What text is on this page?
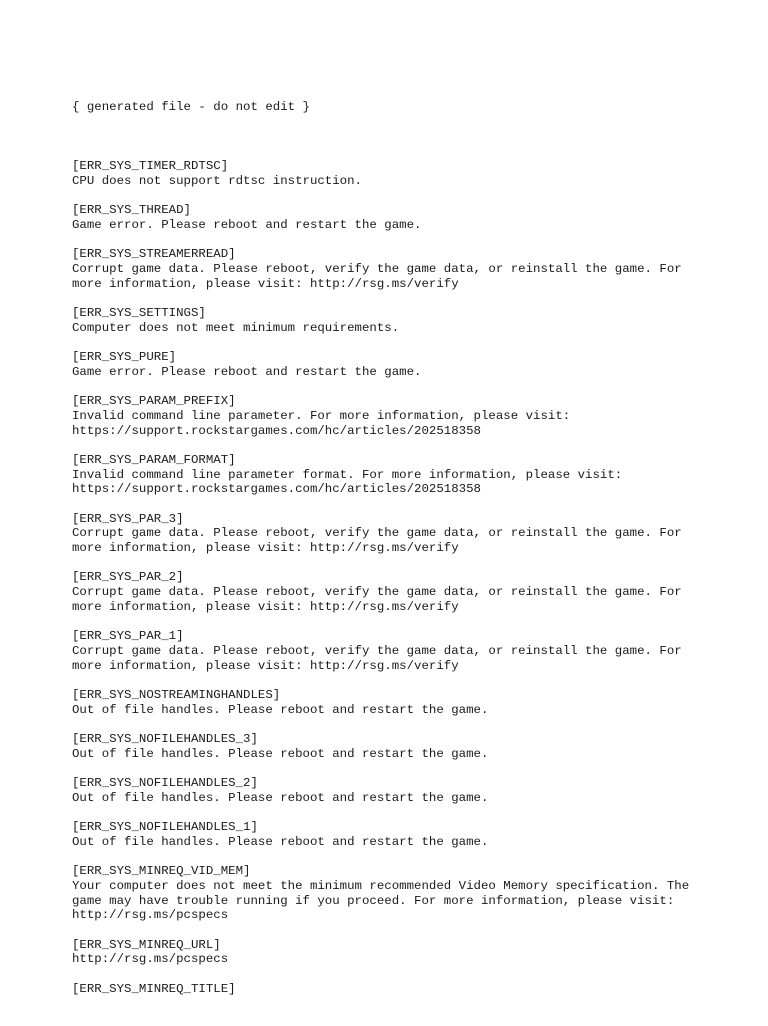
{ generated file - do not edit }

[ERR_SYS_TIMER_RDTSC]
CPU does not support rdtsc instruction.
[ERR_SYS_THREAD]
Game error. Please reboot and restart the game.
[ERR_SYS_STREAMERREAD]
Corrupt game data. Please reboot, verify the game data, or reinstall the game. For
more information, please visit: http://rsg.ms/verify
[ERR_SYS_SETTINGS]
Computer does not meet minimum requirements.
[ERR_SYS_PURE]
Game error. Please reboot and restart the game.
[ERR_SYS_PARAM_PREFIX]
Invalid command line parameter. For more information, please visit:
https://support.rockstargames.com/hc/articles/202518358
[ERR_SYS_PARAM_FORMAT]
Invalid command line parameter format. For more information, please visit:
https://support.rockstargames.com/hc/articles/202518358
[ERR_SYS_PAR_3]
Corrupt game data. Please reboot, verify the game data, or reinstall the game. For
more information, please visit: http://rsg.ms/verify
[ERR_SYS_PAR_2]
Corrupt game data. Please reboot, verify the game data, or reinstall the game. For
more information, please visit: http://rsg.ms/verify
[ERR_SYS_PAR_1]
Corrupt game data. Please reboot, verify the game data, or reinstall the game. For
more information, please visit: http://rsg.ms/verify
[ERR_SYS_NOSTREAMINGHANDLES]
Out of file handles. Please reboot and restart the game.
[ERR_SYS_NOFILEHANDLES_3]
Out of file handles. Please reboot and restart the game.
[ERR_SYS_NOFILEHANDLES_2]
Out of file handles. Please reboot and restart the game.
[ERR_SYS_NOFILEHANDLES_1]
Out of file handles. Please reboot and restart the game.
[ERR_SYS_MINREQ_VID_MEM]
Your computer does not meet the minimum recommended Video Memory specification. The
game may have trouble running if you proceed. For more information, please visit:
http://rsg.ms/pcspecs
[ERR_SYS_MINREQ_URL]
http://rsg.ms/pcspecs
[ERR_SYS_MINREQ_TITLE]
